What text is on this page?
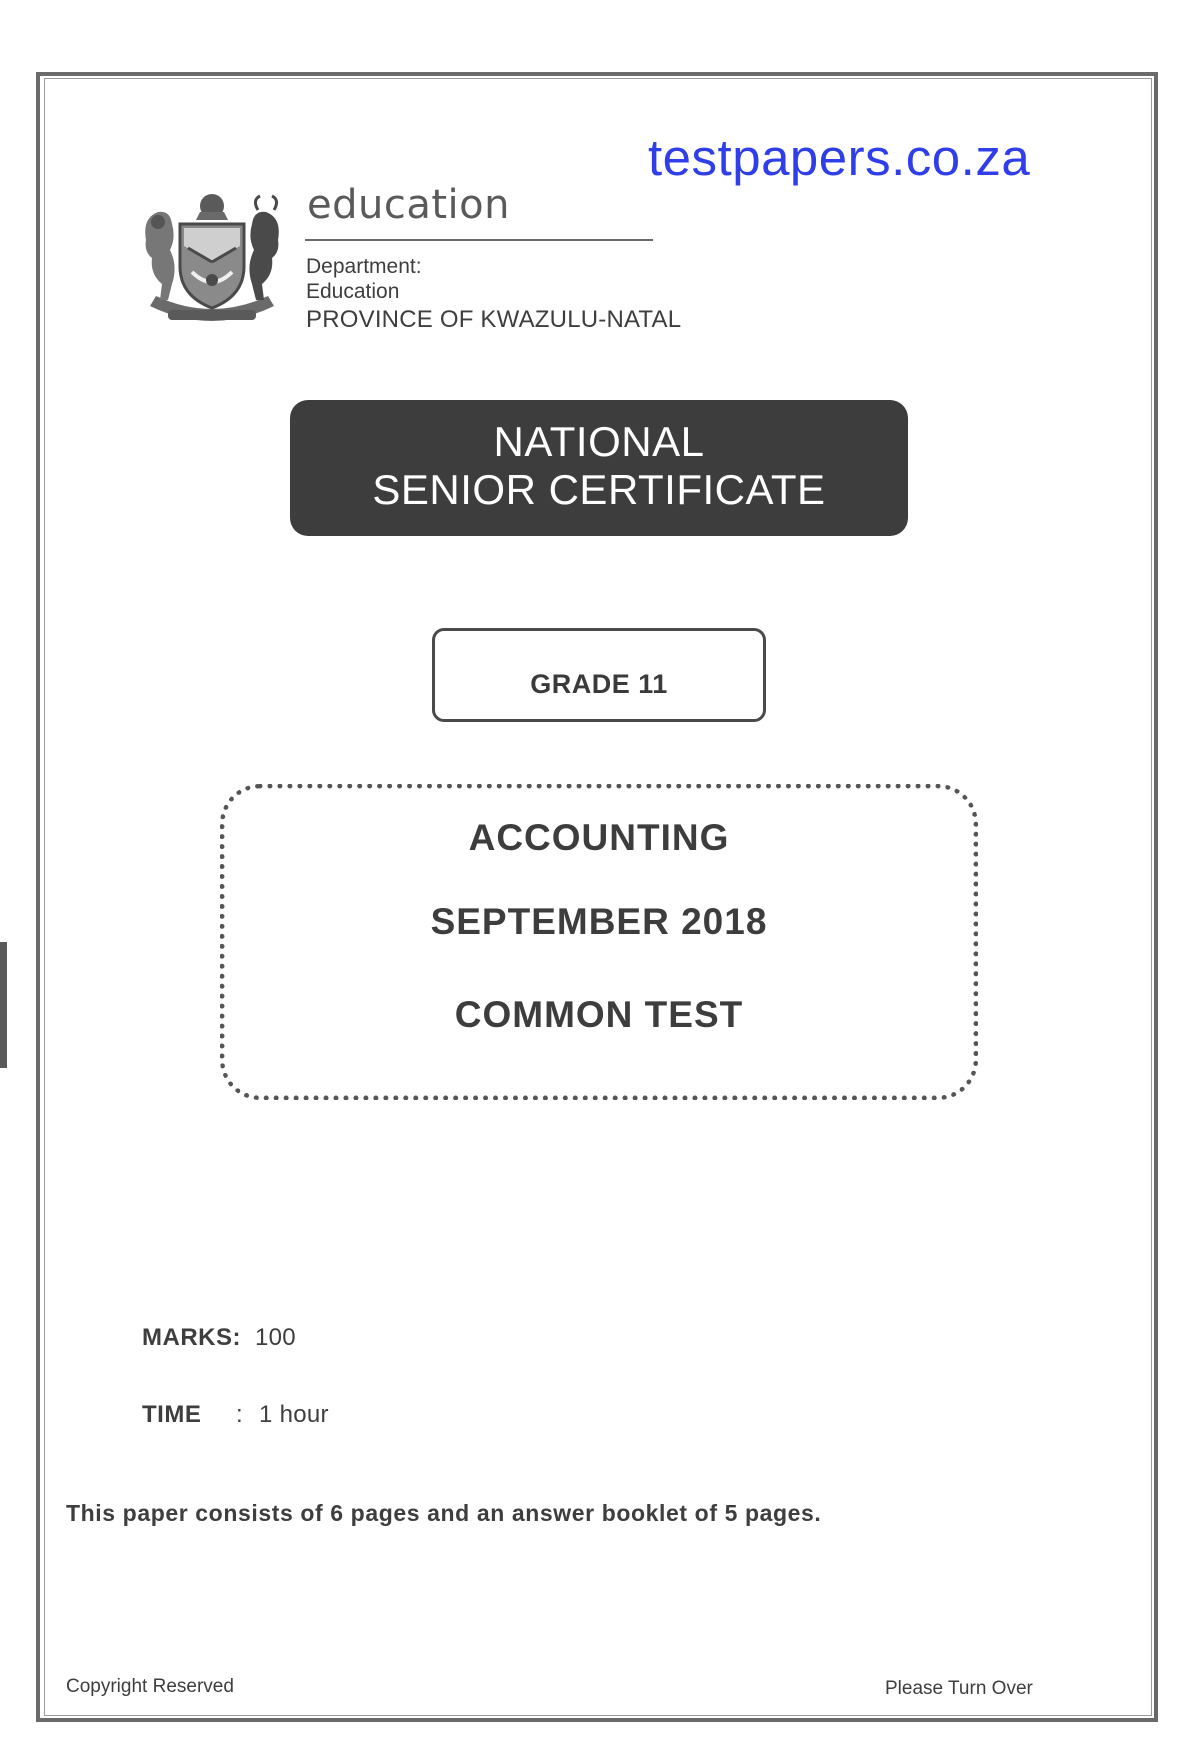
testpapers.co.za
education
Department:
Education
PROVINCE OF KWAZULU-NATAL
NATIONAL
SENIOR CERTIFICATE
GRADE 11
ACCOUNTING
SEPTEMBER 2018
COMMON TEST
MARKS: 100
TIME : 1 hour
This paper consists of 6 pages and an answer booklet of 5 pages.
Copyright Reserved	Please Turn Over
